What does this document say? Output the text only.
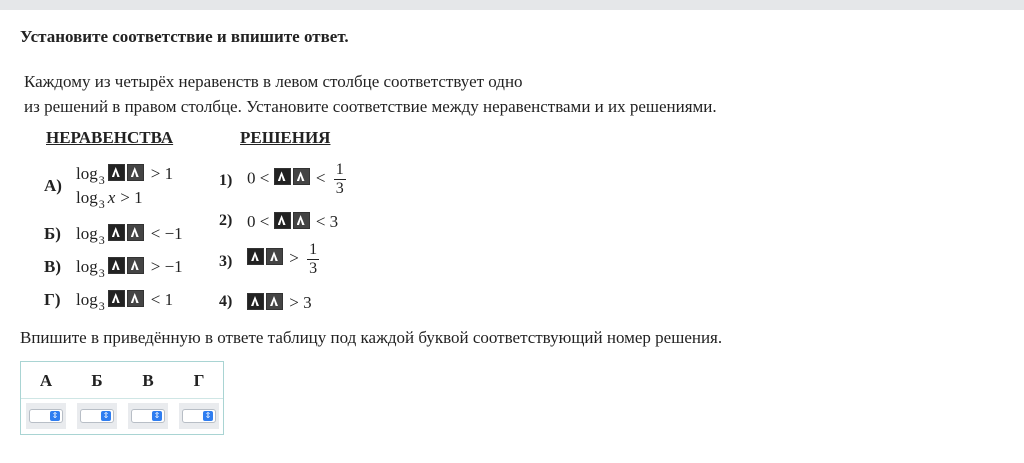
Установите соответствие и впишите ответ.
Каждому из четырёх неравенств в левом столбце соответствует одно
из решений в правом столбце. Установите соответствие между неравенствами и их решениями.
НЕРАВЕНСТВА	РЕШЕНИЯ
А)
$\log_3$	> 1
$\log_3 x > 1$
Б) $\log_3$	< −1
В) $\log_3$	> −1
Г) $\log_3$	< 1
1) 0 <	< $\frac{1}{3}$
2) 0 <	< 3
3)	> $\frac{1}{3}$
4)	> 3
Впишите в приведённую в ответе таблицу под каждой буквой соответствующий номер решения.
А	Б	В	Г
⇕	⇕	⇕	⇕
